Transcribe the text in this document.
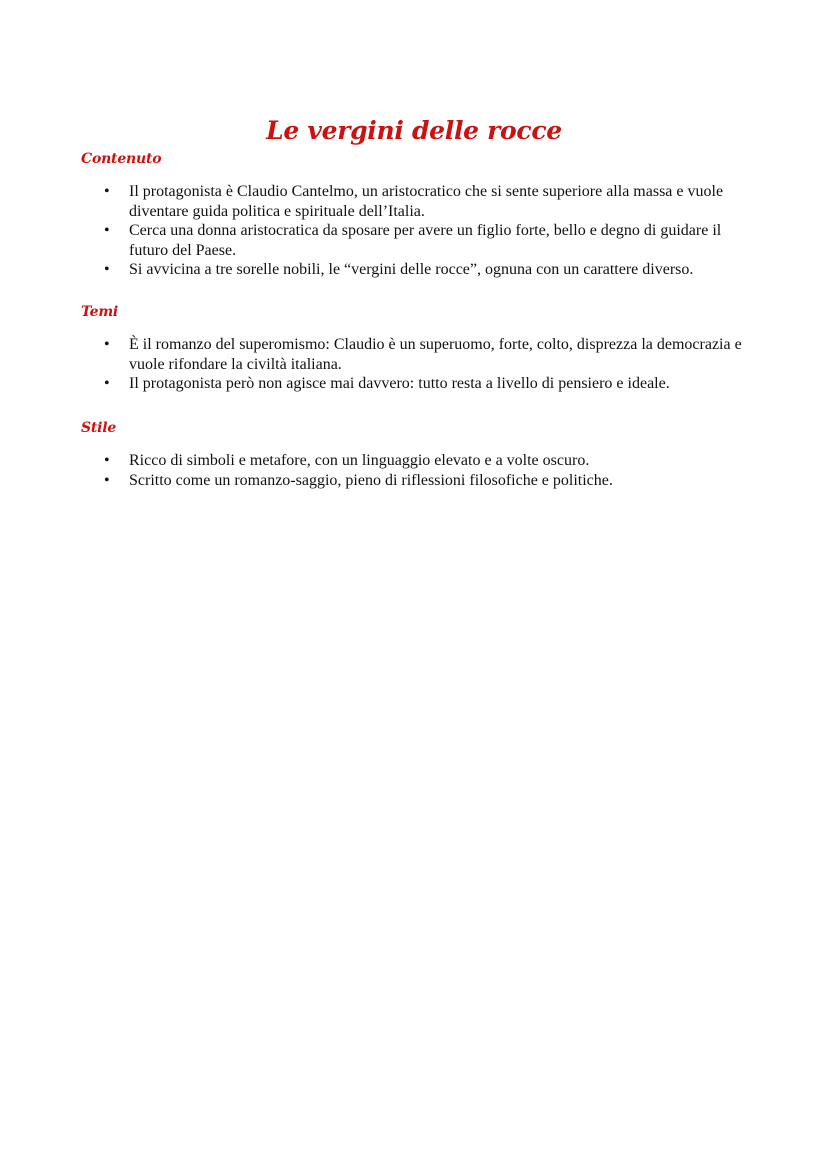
Le vergini delle rocce
Contenuto
• Il protagonista è Claudio Cantelmo, un aristocratico che si sente superiore alla massa e vuole diventare guida politica e spirituale dell’Italia.
• Cerca una donna aristocratica da sposare per avere un figlio forte, bello e degno di guidare il futuro del Paese.
• Si avvicina a tre sorelle nobili, le “vergini delle rocce”, ognuna con un carattere diverso.
Temi
• È il romanzo del superomismo: Claudio è un superuomo, forte, colto, disprezza la democrazia e vuole rifondare la civiltà italiana.
• Il protagonista però non agisce mai davvero: tutto resta a livello di pensiero e ideale.
Stile
• Ricco di simboli e metafore, con un linguaggio elevato e a volte oscuro.
• Scritto come un romanzo-saggio, pieno di riflessioni filosofiche e politiche.
